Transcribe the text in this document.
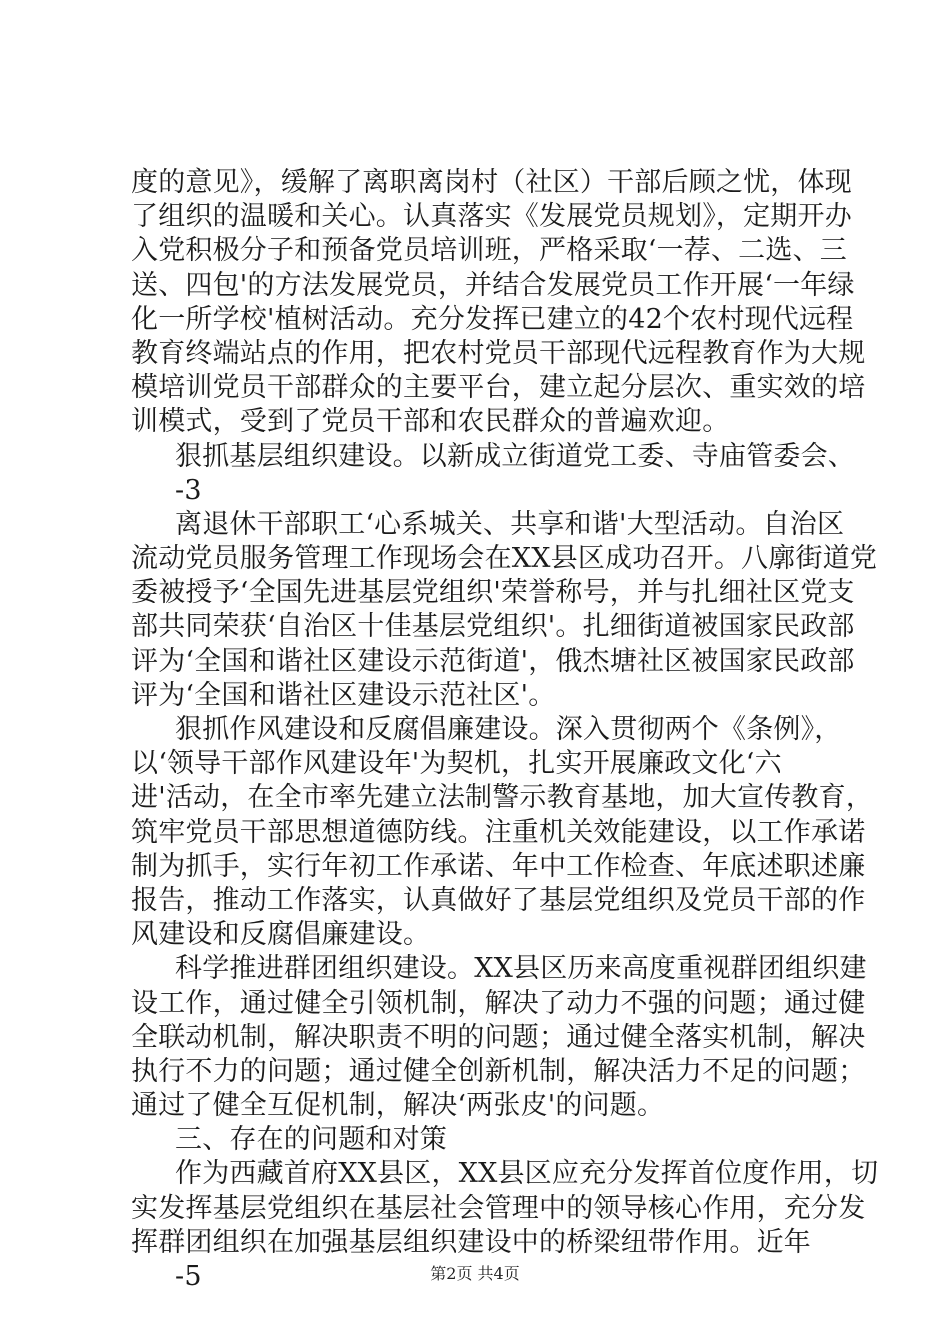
度的意见》，缓解了离职离岗村（社区）干部后顾之忧，体现
了组织的温暖和关心。认真落实《发展党员规划》，定期开办
入党积极分子和预备党员培训班，严格采取‘一荐、二选、三
送、四包'的方法发展党员，并结合发展党员工作开展‘一年绿
化一所学校'植树活动。充分发挥已建立的42个农村现代远程
教育终端站点的作用，把农村党员干部现代远程教育作为大规
模培训党员干部群众的主要平台，建立起分层次、重实效的培
训模式，受到了党员干部和农民群众的普遍欢迎。
狠抓基层组织建设。以新成立街道党工委、寺庙管委会、
-3
离退休干部职工‘心系城关、共享和谐'大型活动。自治区
流动党员服务管理工作现场会在XX县区成功召开。八廓街道党
委被授予‘全国先进基层党组织'荣誉称号，并与扎细社区党支
部共同荣获‘自治区十佳基层党组织'。扎细街道被国家民政部
评为‘全国和谐社区建设示范街道'，俄杰塘社区被国家民政部
评为‘全国和谐社区建设示范社区'。
狠抓作风建设和反腐倡廉建设。深入贯彻两个《条例》，
以‘领导干部作风建设年'为契机，扎实开展廉政文化‘六
进'活动，在全市率先建立法制警示教育基地，加大宣传教育，
筑牢党员干部思想道德防线。注重机关效能建设，以工作承诺
制为抓手，实行年初工作承诺、年中工作检查、年底述职述廉
报告，推动工作落实，认真做好了基层党组织及党员干部的作
风建设和反腐倡廉建设。
科学推进群团组织建设。XX县区历来高度重视群团组织建
设工作，通过健全引领机制，解决了动力不强的问题；通过健
全联动机制，解决职责不明的问题；通过健全落实机制，解决
执行不力的问题；通过健全创新机制，解决活力不足的问题；
通过了健全互促机制，解决‘两张皮'的问题。
三、存在的问题和对策
作为西藏首府XX县区，XX县区应充分发挥首位度作用，切
实发挥基层党组织在基层社会管理中的领导核心作用，充分发
挥群团组织在加强基层组织建设中的桥梁纽带作用。近年
-5	第2页 共4页
